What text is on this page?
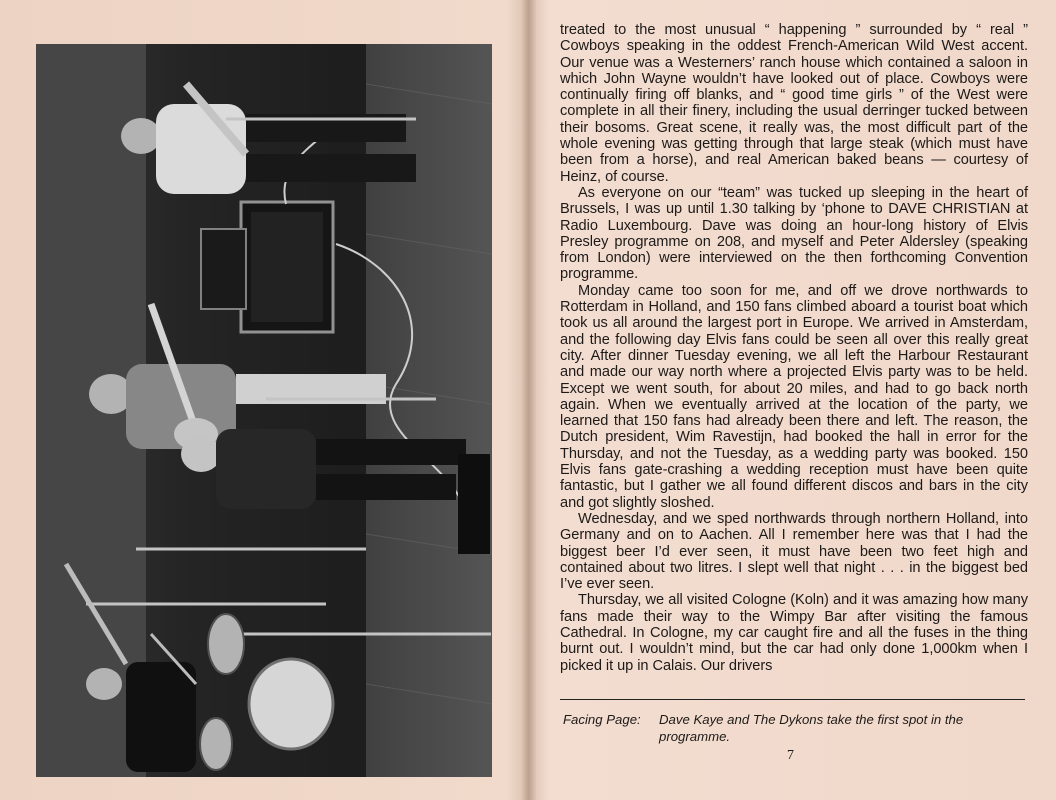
treated to the most unusual “ happening ” surrounded by “ real ” Cowboys speaking in the oddest French-American Wild West accent. Our venue was a Westerners’ ranch house which contained a saloon in which John Wayne wouldn’t have looked out of place. Cowboys were continually firing off blanks, and “ good time girls ” of the West were complete in all their finery, including the usual derringer tucked between their bosoms. Great scene, it really was, the most difficult part of the whole evening was getting through that large steak (which must have been from a horse), and real American baked beans — courtesy of Heinz, of course.

As everyone on our “team” was tucked up sleeping in the heart of Brussels, I was up until 1.30 talking by ‘phone to DAVE CHRISTIAN at Radio Luxembourg. Dave was doing an hour-long history of Elvis Presley programme on 208, and myself and Peter Aldersley (speaking from London) were interviewed on the then forthcoming Convention programme.

Monday came too soon for me, and off we drove northwards to Rotterdam in Holland, and 150 fans climbed aboard a tourist boat which took us all around the largest port in Europe. We arrived in Amsterdam, and the following day Elvis fans could be seen all over this really great city. After dinner Tuesday evening, we all left the Harbour Restaurant and made our way north where a projected Elvis party was to be held. Except we went south, for about 20 miles, and had to go back north again. When we eventually arrived at the location of the party, we learned that 150 fans had already been there and left. The reason, the Dutch president, Wim Ravestijn, had booked the hall in error for the Thursday, and not the Tuesday, as a wedding party was booked. 150 Elvis fans gate-crashing a wedding reception must have been quite fantastic, but I gather we all found different discos and bars in the city and got slightly sloshed.

Wednesday, and we sped northwards through northern Holland, into Germany and on to Aachen. All I remember here was that I had the biggest beer I’d ever seen, it must have been two feet high and contained about two litres. I slept well that night . . . in the biggest bed I’ve ever seen.

Thursday, we all visited Cologne (Koln) and it was amazing how many fans made their way to the Wimpy Bar after visiting the famous Cathedral. In Cologne, my car caught fire and all the fuses in the thing burnt out. I wouldn’t mind, but the car had only done 1,000km when I picked it up in Calais. Our drivers

Facing Page: Dave Kaye and The Dykons take the first spot in the programme.
7
